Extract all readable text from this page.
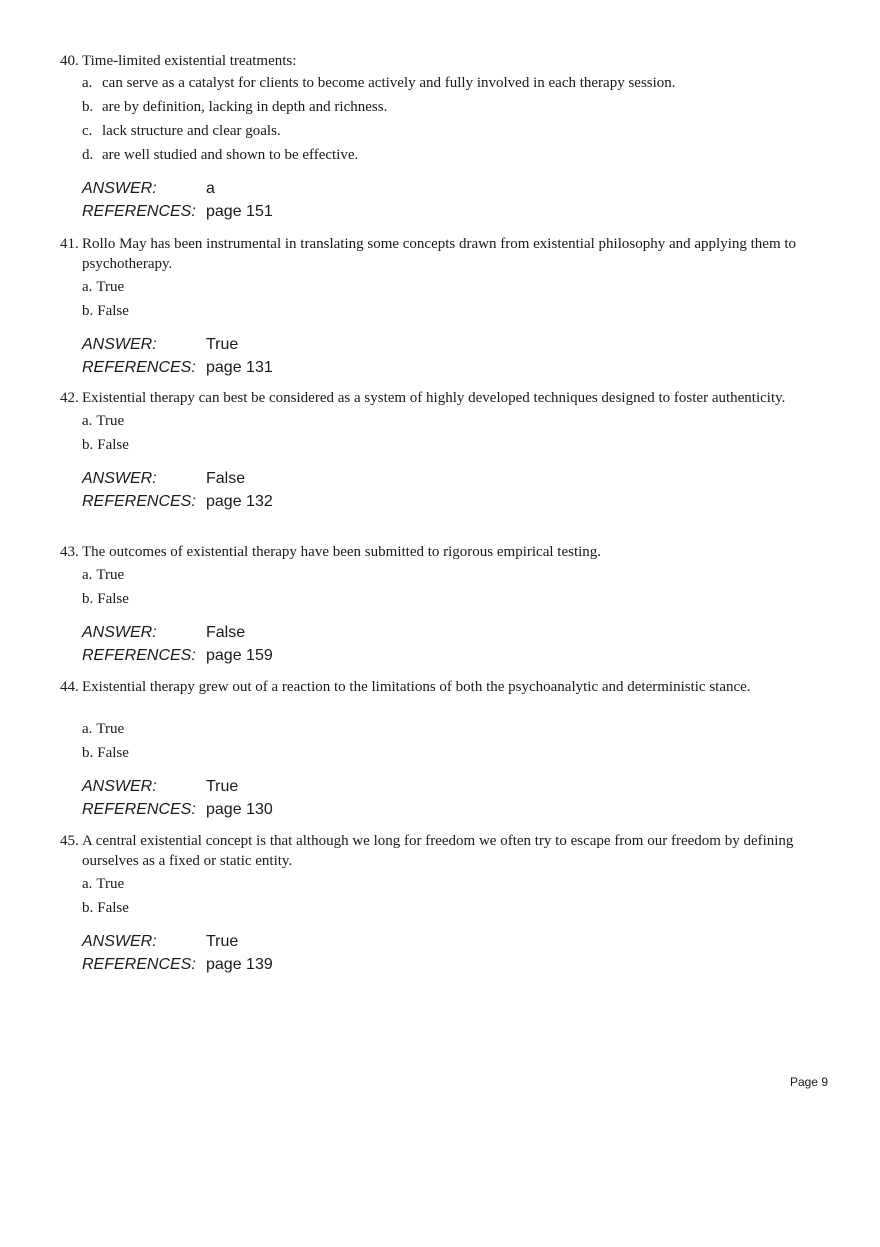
40. Time-limited existential treatments:
a. can serve as a catalyst for clients to become actively and fully involved in each therapy session.
b. are by definition, lacking in depth and richness.
c. lack structure and clear goals.
d. are well studied and shown to be effective.
ANSWER:	a
REFERENCES: page 151
41. Rollo May has been instrumental in translating some concepts drawn from existential philosophy and applying them to psychotherapy.
a. True
b. False
ANSWER:	True
REFERENCES: page 131
42. Existential therapy can best be considered as a system of highly developed techniques designed to foster authenticity.
a. True
b. False
ANSWER:	False
REFERENCES: page 132
43. The outcomes of existential therapy have been submitted to rigorous empirical testing.
a. True
b. False
ANSWER:	False
REFERENCES: page 159
44. Existential therapy grew out of a reaction to the limitations of both the psychoanalytic and deterministic stance.
a. True
b. False
ANSWER:	True
REFERENCES: page 130
45. A central existential concept is that although we long for freedom we often try to escape from our freedom by defining ourselves as a fixed or static entity.
a. True
b. False
ANSWER:	True
REFERENCES: page 139
Page 9
